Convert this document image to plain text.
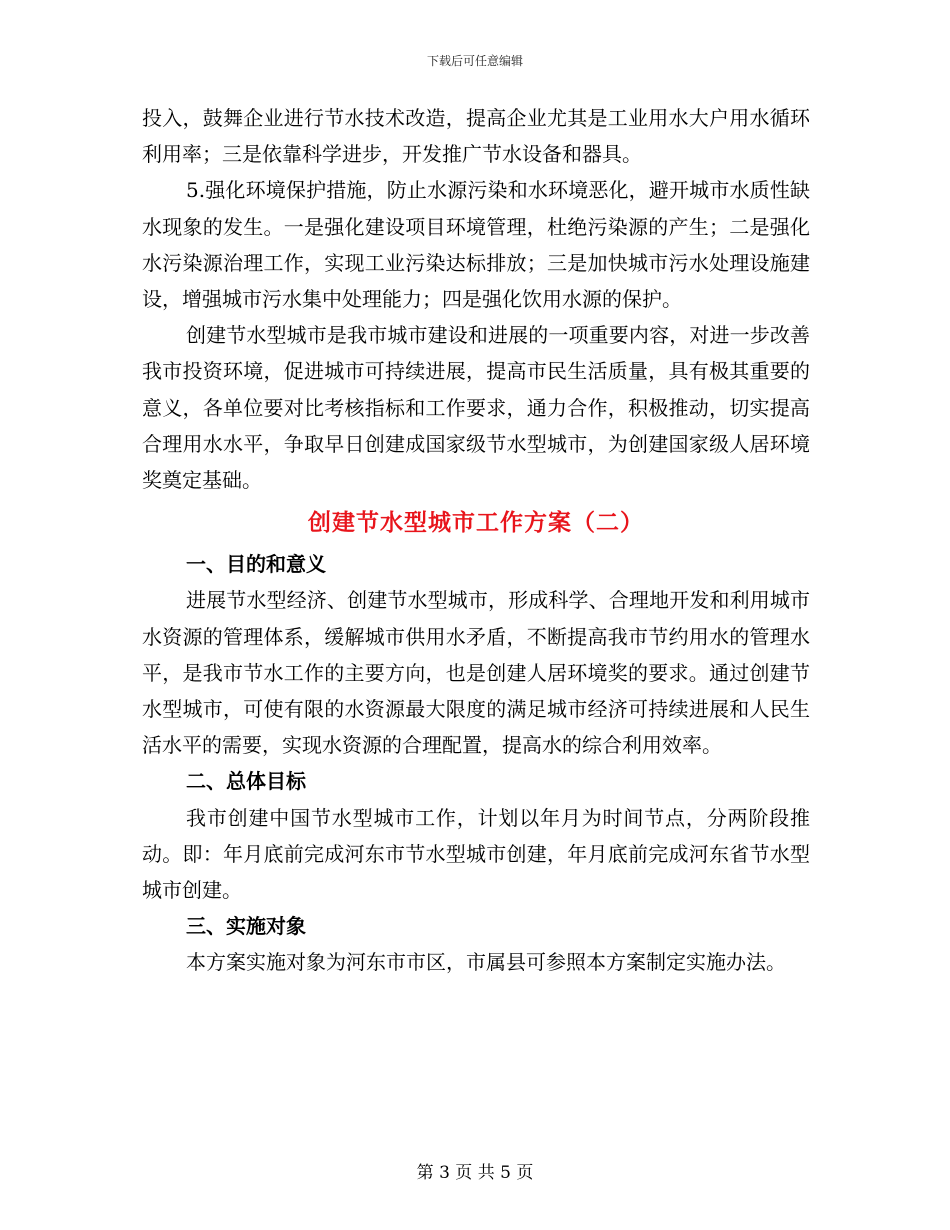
下载后可任意编辑

投入，鼓舞企业进行节水技术改造，提高企业尤其是工业用水大户用水循环利用率；三是依靠科学进步，开发推广节水设备和器具。

5.强化环境保护措施，防止水源污染和水环境恶化，避开城市水质性缺水现象的发生。一是强化建设项目环境管理，杜绝污染源的产生；二是强化水污染源治理工作，实现工业污染达标排放；三是加快城市污水处理设施建设，增强城市污水集中处理能力；四是强化饮用水源的保护。

创建节水型城市是我市城市建设和进展的一项重要内容，对进一步改善我市投资环境，促进城市可持续进展，提高市民生活质量，具有极其重要的意义，各单位要对比考核指标和工作要求，通力合作，积极推动，切实提高合理用水水平，争取早日创建成国家级节水型城市，为创建国家级人居环境奖奠定基础。

创建节水型城市工作方案（二）

一、目的和意义

进展节水型经济、创建节水型城市，形成科学、合理地开发和利用城市水资源的管理体系，缓解城市供用水矛盾，不断提高我市节约用水的管理水平，是我市节水工作的主要方向，也是创建人居环境奖的要求。通过创建节水型城市，可使有限的水资源最大限度的满足城市经济可持续进展和人民生活水平的需要，实现水资源的合理配置，提高水的综合利用效率。

二、总体目标

我市创建中国节水型城市工作，计划以年月为时间节点，分两阶段推动。即：年月底前完成河东市节水型城市创建，年月底前完成河东省节水型城市创建。

三、实施对象

本方案实施对象为河东市市区，市属县可参照本方案制定实施办法。

第 3 页 共 5 页
